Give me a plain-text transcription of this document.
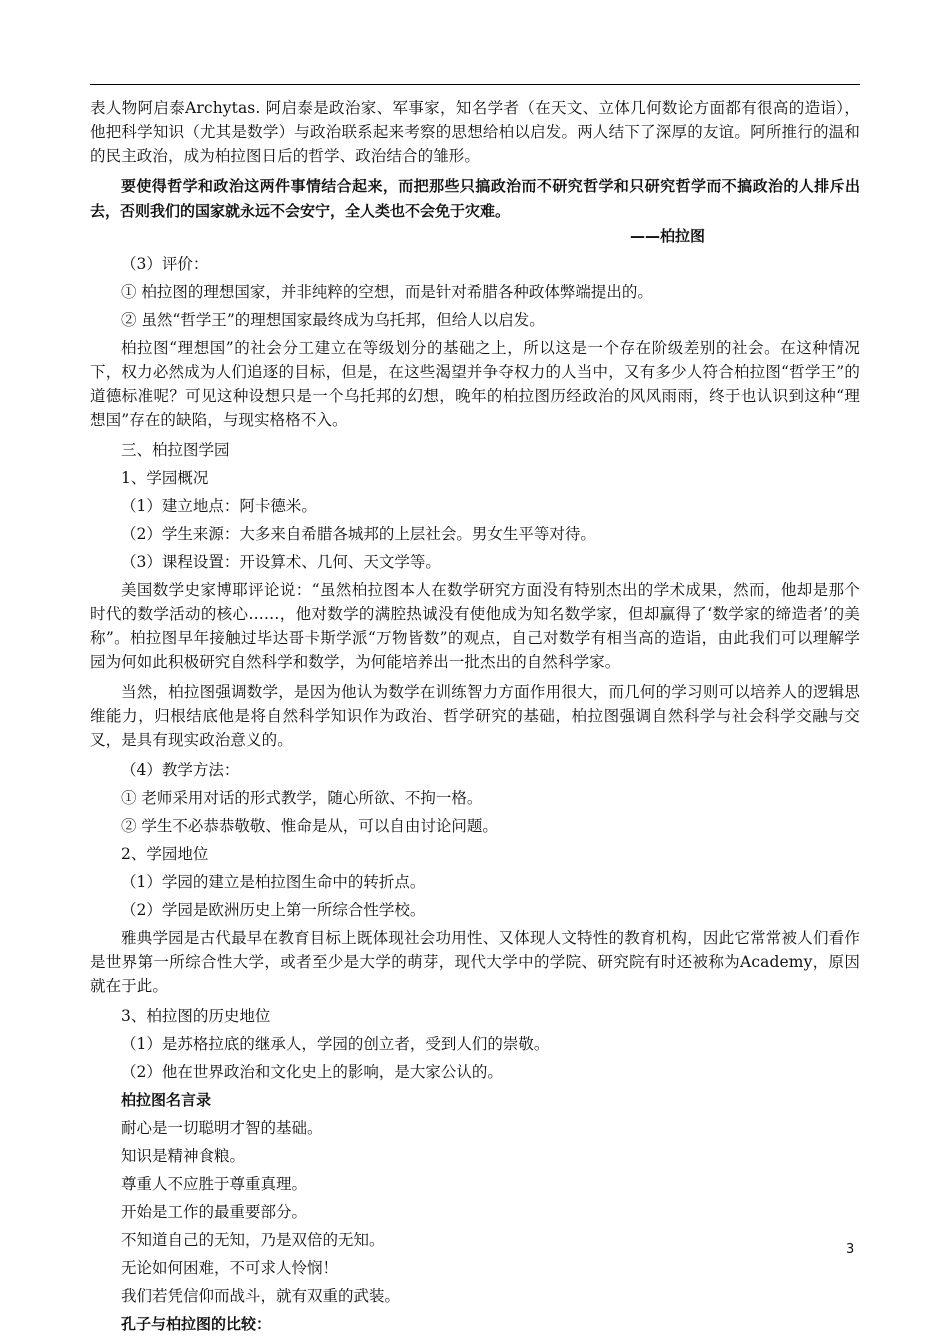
表人物阿启泰Archytas. 阿启泰是政治家、军事家，知名学者（在天文、立体几何数论方面都有很高的造诣），他把科学知识（尤其是数学）与政治联系起来考察的思想给柏以启发。两人结下了深厚的友谊。阿所推行的温和的民主政治，成为柏拉图日后的哲学、政治结合的雏形。

要使得哲学和政治这两件事情结合起来，而把那些只搞政治而不研究哲学和只研究哲学而不搞政治的人排斥出去，否则我们的国家就永远不会安宁，全人类也不会免于灾难。

——柏拉图

（3）评价：

① 柏拉图的理想国家，并非纯粹的空想，而是针对希腊各种政体弊端提出的。

② 虽然“哲学王”的理想国家最终成为乌托邦，但给人以启发。

柏拉图“理想国”的社会分工建立在等级划分的基础之上，所以这是一个存在阶级差别的社会。在这种情况下，权力必然成为人们追逐的目标，但是，在这些渴望并争夺权力的人当中，又有多少人符合柏拉图“哲学王”的道德标准呢？可见这种设想只是一个乌托邦的幻想，晚年的柏拉图历经政治的风风雨雨，终于也认识到这种“理想国”存在的缺陷，与现实格格不入。

三、柏拉图学园

1、学园概况

（1）建立地点：阿卡德米。

（2）学生来源：大多来自希腊各城邦的上层社会。男女生平等对待。

（3）课程设置：开设算术、几何、天文学等。

美国数学史家博耶评论说：“虽然柏拉图本人在数学研究方面没有特别杰出的学术成果，然而，他却是那个时代的数学活动的核心……，他对数学的满腔热诚没有使他成为知名数学家，但却赢得了‘数学家的缔造者’的美称”。柏拉图早年接触过毕达哥卡斯学派“万物皆数”的观点，自己对数学有相当高的造诣，由此我们可以理解学园为何如此积极研究自然科学和数学，为何能培养出一批杰出的自然科学家。

当然，柏拉图强调数学，是因为他认为数学在训练智力方面作用很大，而几何的学习则可以培养人的逻辑思维能力，归根结底他是将自然科学知识作为政治、哲学研究的基础，柏拉图强调自然科学与社会科学交融与交叉，是具有现实政治意义的。

（4）教学方法：

① 老师采用对话的形式教学，随心所欲、不拘一格。

② 学生不必恭恭敬敬、惟命是从，可以自由讨论问题。

2、学园地位

（1）学园的建立是柏拉图生命中的转折点。

（2）学园是欧洲历史上第一所综合性学校。

雅典学园是古代最早在教育目标上既体现社会功用性、又体现人文特性的教育机构，因此它常常被人们看作是世界第一所综合性大学，或者至少是大学的萌芽，现代大学中的学院、研究院有时还被称为Academy，原因就在于此。

3、柏拉图的历史地位

（1）是苏格拉底的继承人，学园的创立者，受到人们的崇敬。

（2）他在世界政治和文化史上的影响，是大家公认的。

柏拉图名言录

耐心是一切聪明才智的基础。

知识是精神食粮。

尊重人不应胜于尊重真理。

开始是工作的最重要部分。

不知道自己的无知，乃是双倍的无知。

无论如何困难，不可求人怜悯！

我们若凭信仰而战斗，就有双重的武装。

孔子与柏拉图的比较：

3
